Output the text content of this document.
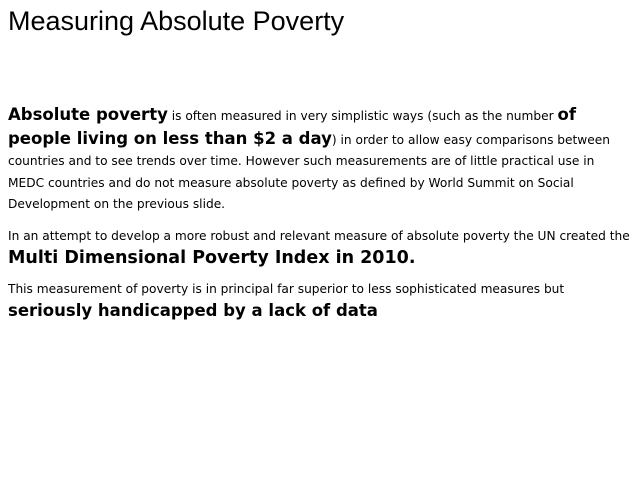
Measuring Absolute Poverty

Absolute poverty is often measured in very simplistic ways (such as the number of people living on less than $2 a day) in order to allow easy comparisons between countries and to see trends over time. However such measurements are of little practical use in MEDC countries and do not measure absolute poverty as defined by World Summit on Social Development on the previous slide.

In an attempt to develop a more robust and relevant measure of absolute poverty the UN created the Multi Dimensional Poverty Index in 2010.

This measurement of poverty is in principal far superior to less sophisticated measures but seriously handicapped by a lack of data
